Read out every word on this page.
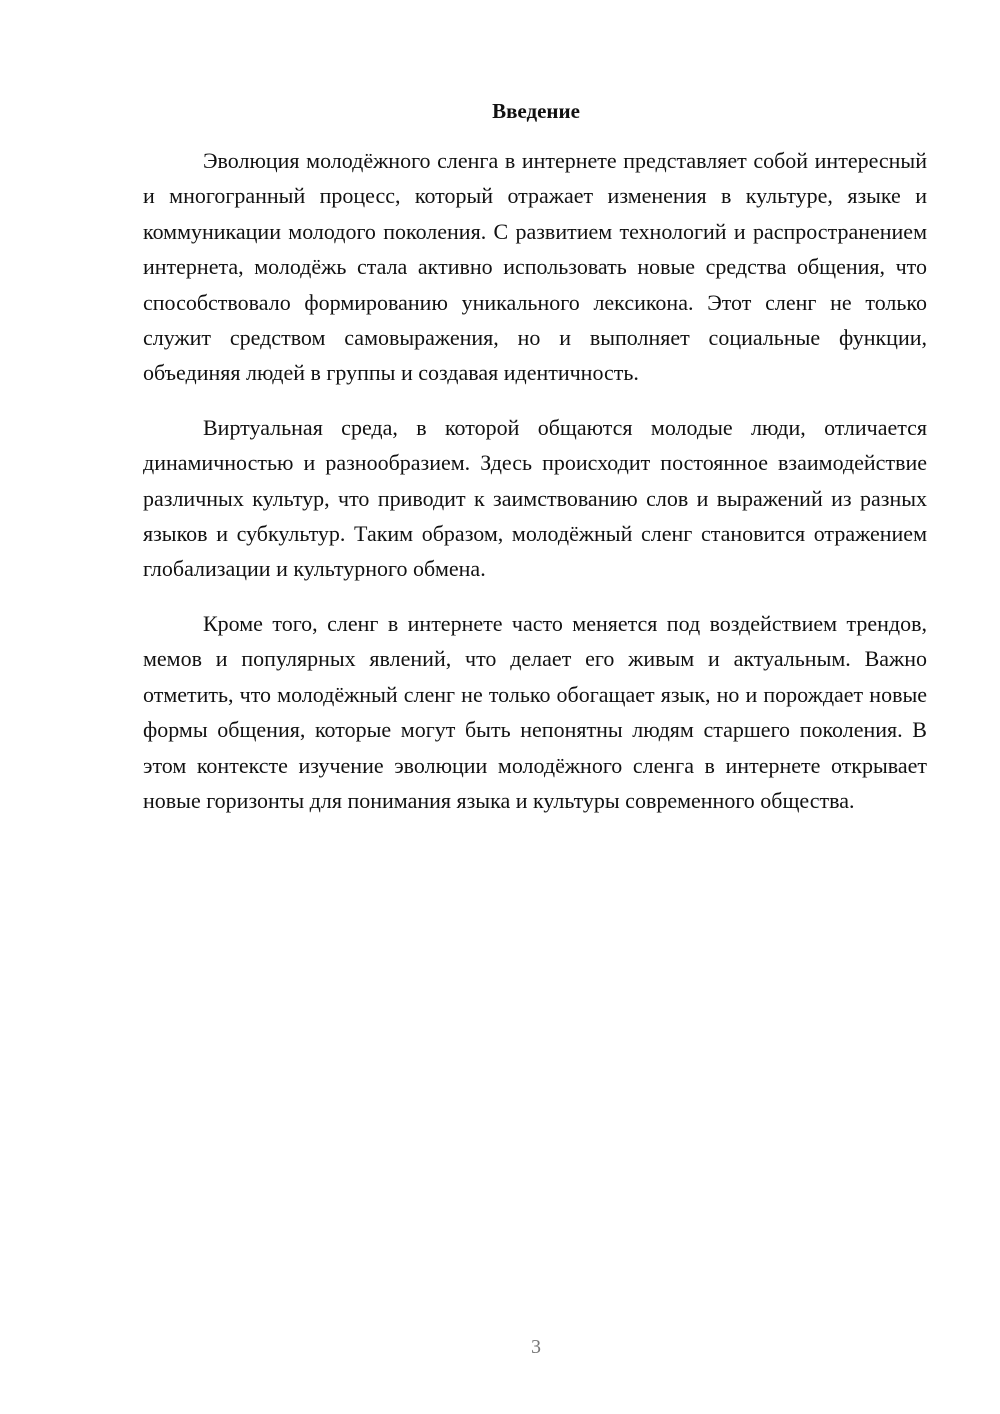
Введение

Эволюция молодёжного сленга в интернете представляет собой интересный и многогранный процесс, который отражает изменения в культуре, языке и коммуникации молодого поколения. С развитием технологий и распространением интернета, молодёжь стала активно использовать новые средства общения, что способствовало формированию уникального лексикона. Этот сленг не только служит средством самовыражения, но и выполняет социальные функции, объединяя людей в группы и создавая идентичность.

Виртуальная среда, в которой общаются молодые люди, отличается динамичностью и разнообразием. Здесь происходит постоянное взаимодействие различных культур, что приводит к заимствованию слов и выражений из разных языков и субкультур. Таким образом, молодёжный сленг становится отражением глобализации и культурного обмена.

Кроме того, сленг в интернете часто меняется под воздействием трендов, мемов и популярных явлений, что делает его живым и актуальным. Важно отметить, что молодёжный сленг не только обогащает язык, но и порождает новые формы общения, которые могут быть непонятны людям старшего поколения. В этом контексте изучение эволюции молодёжного сленга в интернете открывает новые горизонты для понимания языка и культуры современного общества.

3
